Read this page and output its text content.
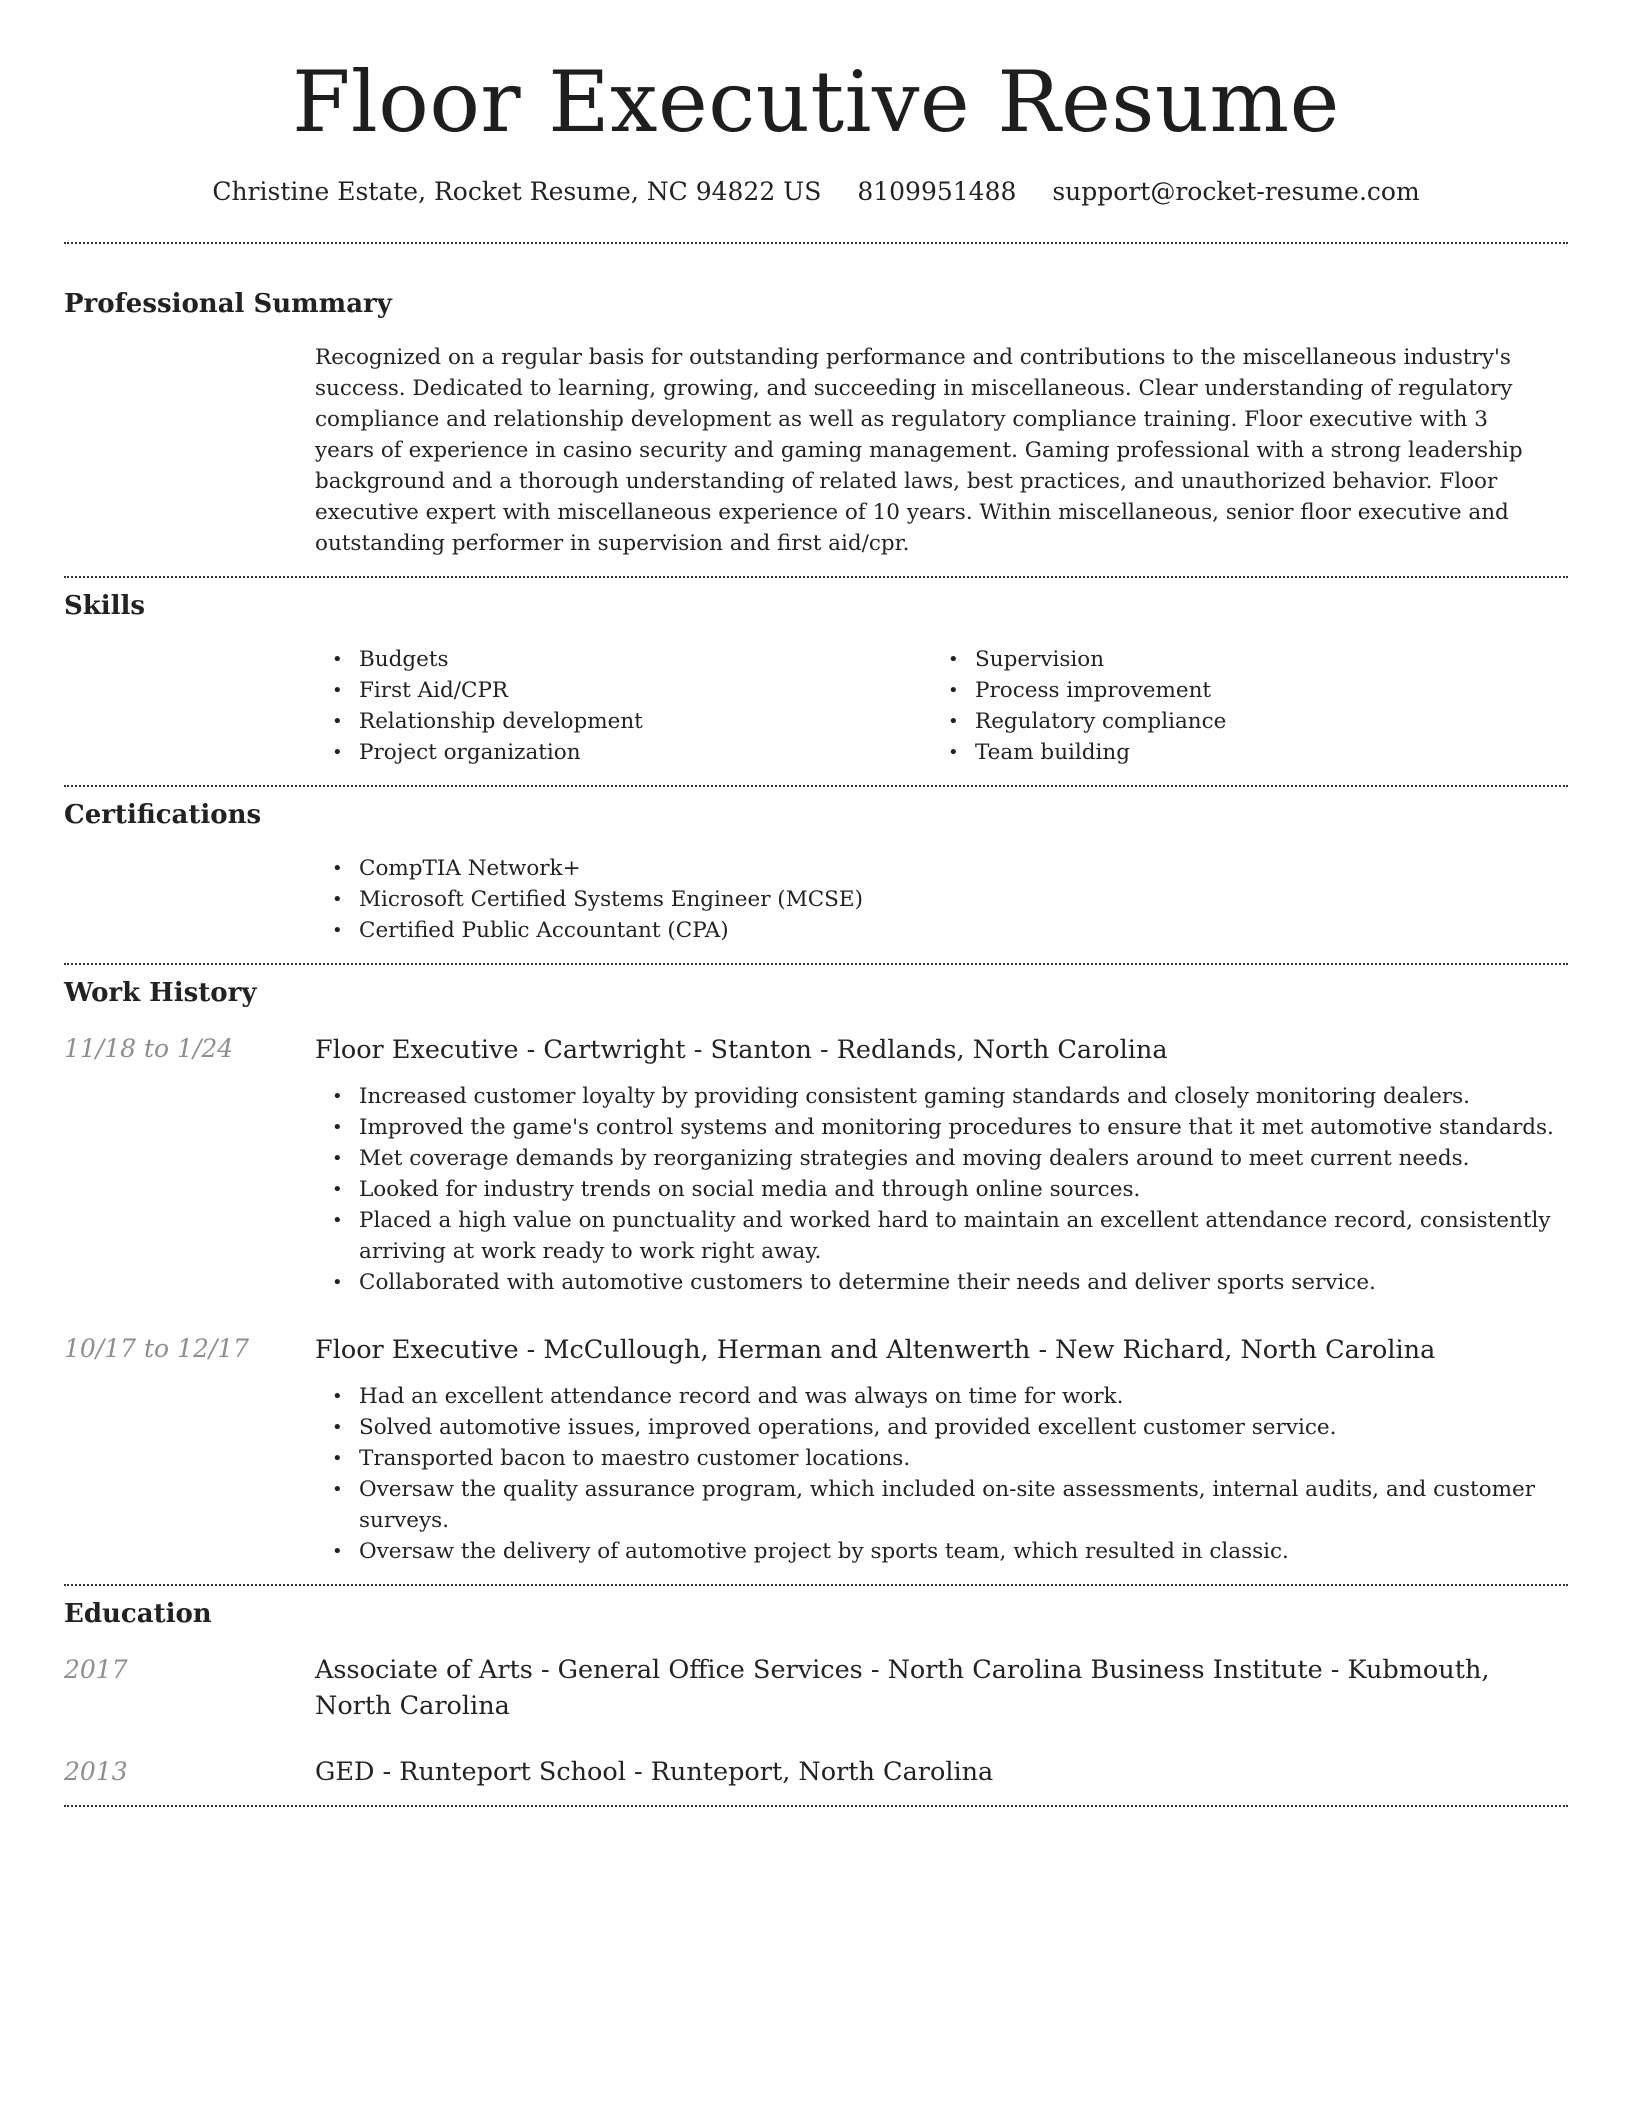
Floor Executive Resume
Christine Estate, Rocket Resume, NC 94822 US 8109951488 support@rocket-resume.com
Professional Summary

Recognized on a regular basis for outstanding performance and contributions to the miscellaneous industry's success. Dedicated to learning, growing, and succeeding in miscellaneous. Clear understanding of regulatory compliance and relationship development as well as regulatory compliance training. Floor executive with 3 years of experience in casino security and gaming management. Gaming professional with a strong leadership background and a thorough understanding of related laws, best practices, and unauthorized behavior. Floor executive expert with miscellaneous experience of 10 years. Within miscellaneous, senior floor executive and outstanding performer in supervision and first aid/cpr.

Skills
• Budgets
• First Aid/CPR
• Relationship development
• Project organization
• Supervision
• Process improvement
• Regulatory compliance
• Team building
Certifications
• CompTIA Network+
• Microsoft Certified Systems Engineer (MCSE)
• Certified Public Accountant (CPA)
Work History
11/18 to 1/24	Floor Executive - Cartwright - Stanton - Redlands, North Carolina
• Increased customer loyalty by providing consistent gaming standards and closely monitoring dealers.
• Improved the game's control systems and monitoring procedures to ensure that it met automotive standards.
• Met coverage demands by reorganizing strategies and moving dealers around to meet current needs.
• Looked for industry trends on social media and through online sources.
• Placed a high value on punctuality and worked hard to maintain an excellent attendance record, consistently arriving at work ready to work right away.
• Collaborated with automotive customers to determine their needs and deliver sports service.
10/17 to 12/17	Floor Executive - McCullough, Herman and Altenwerth - New Richard, North Carolina
• Had an excellent attendance record and was always on time for work.
• Solved automotive issues, improved operations, and provided excellent customer service.
• Transported bacon to maestro customer locations.
• Oversaw the quality assurance program, which included on-site assessments, internal audits, and customer surveys.
• Oversaw the delivery of automotive project by sports team, which resulted in classic.
Education
2017	Associate of Arts - General Office Services - North Carolina Business Institute - Kubmouth, North Carolina
2013	GED - Runteport School - Runteport, North Carolina
